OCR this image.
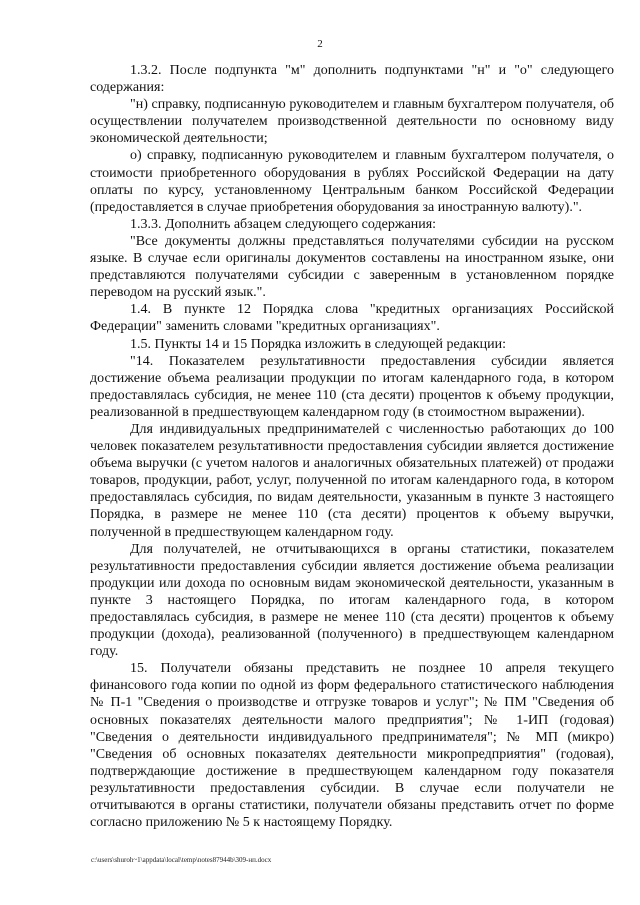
2

1.3.2. После подпункта "м" дополнить подпунктами "н" и "о" следующего содержания:

"н) справку, подписанную руководителем и главным бухгалтером получателя, об осуществлении получателем производственной деятельности по основному виду экономической деятельности;

о) справку, подписанную руководителем и главным бухгалтером получателя, о стоимости приобретенного оборудования в рублях Российской Федерации на дату оплаты по курсу, установленному Центральным банком Российской Федерации (предоставляется в случае приобретения оборудования за иностранную валюту).".

1.3.3. Дополнить абзацем следующего содержания:

"Все документы должны представляться получателями субсидии на русском языке. В случае если оригиналы документов составлены на иностранном языке, они представляются получателями субсидии с заверенным в установленном порядке переводом на русский язык.".

1.4. В пункте 12 Порядка слова "кредитных организациях Российской Федерации" заменить словами "кредитных организациях".

1.5. Пункты 14 и 15 Порядка изложить в следующей редакции:

"14. Показателем результативности предоставления субсидии является достижение объема реализации продукции по итогам календарного года, в котором предоставлялась субсидия, не менее 110 (ста десяти) процентов к объему продукции, реализованной в предшествующем календарном году (в стоимостном выражении).

Для индивидуальных предпринимателей с численностью работающих до 100 человек показателем результативности предоставления субсидии является достижение объема выручки (с учетом налогов и аналогичных обязательных платежей) от продажи товаров, продукции, работ, услуг, полученной по итогам календарного года, в котором предоставлялась субсидия, по видам деятельности, указанным в пункте 3 настоящего Порядка, в размере не менее 110 (ста десяти) процентов к объему выручки, полученной в предшествующем календарном году.

Для получателей, не отчитывающихся в органы статистики, показателем результативности предоставления субсидии является достижение объема реализации продукции или дохода по основным видам экономической деятельности, указанным в пункте 3 настоящего Порядка, по итогам календарного года, в котором предоставлялась субсидия, в размере не менее 110 (ста десяти) процентов к объему продукции (дохода), реализованной (полученного) в предшествующем календарном году.

15. Получатели обязаны представить не позднее 10 апреля текущего финансового года копии по одной из форм федерального статистического наблюдения № П-1 "Сведения о производстве и отгрузке товаров и услуг"; № ПМ "Сведения об основных показателях деятельности малого предприятия"; № 1-ИП (годовая) "Сведения о деятельности индивидуального предпринимателя"; № МП (микро) "Сведения об основных показателях деятельности микропредприятия" (годовая), подтверждающие достижение в предшествующем календарном году показателя результативности предоставления субсидии. В случае если получатели не отчитываются в органы статистики, получатели обязаны представить отчет по форме согласно приложению № 5 к настоящему Порядку.

c:\users\shuroh~1\appdata\local\temp\notes87944b\309-нп.docx
